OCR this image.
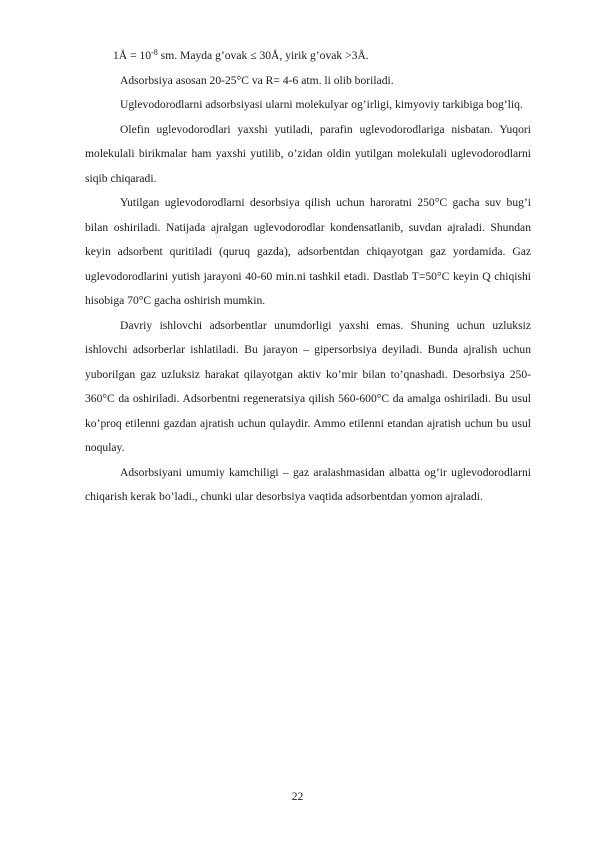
1Å = $10^{-8}$ sm. Mayda g’ovak ≤ 30Å, yirik g’ovak >3Å.

Adsorbsiya asosan 20-25°C va R= 4-6 atm. li olib boriladi.

Uglevodorodlarni adsorbsiyasi ularni molekulyar og’irligi, kimyoviy tarkibiga bog’liq.

Olefin uglevodorodlari yaxshi yutiladi, parafin uglevodorodlariga nisbatan. Yuqori molekulali birikmalar ham yaxshi yutilib, o’zidan oldin yutilgan molekulali uglevodorodlarni siqib chiqaradi.

Yutilgan uglevodorodlarni desorbsiya qilish uchun haroratni 250°C gacha suv bug’i bilan oshiriladi. Natijada ajralgan uglevodorodlar kondensatlanib, suvdan ajraladi. Shundan keyin adsorbent quritiladi (quruq gazda), adsorbentdan chiqayotgan gaz yordamida. Gaz uglevodorodlarini yutish jarayoni 40-60 min.ni tashkil etadi. Dastlab T=50°C keyin Q chiqishi hisobiga 70°C gacha oshirish mumkin.

Davriy ishlovchi adsorbentlar unumdorligi yaxshi emas. Shuning uchun uzluksiz ishlovchi adsorberlar ishlatiladi. Bu jarayon – gipersorbsiya deyiladi. Bunda ajralish uchun yuborilgan gaz uzluksiz harakat qilayotgan aktiv ko’mir bilan to’qnashadi. Desorbsiya 250-360°C da oshiriladi. Adsorbentni regeneratsiya qilish 560-600°C da amalga oshiriladi. Bu usul ko’proq etilenni gazdan ajratish uchun qulaydir. Ammo etilenni etandan ajratish uchun bu usul noqulay.

Adsorbsiyani umumiy kamchiligi – gaz aralashmasidan albatta og’ir uglevodorodlarni chiqarish kerak bo’ladi., chunki ular desorbsiya vaqtida adsorbentdan yomon ajraladi.

22
